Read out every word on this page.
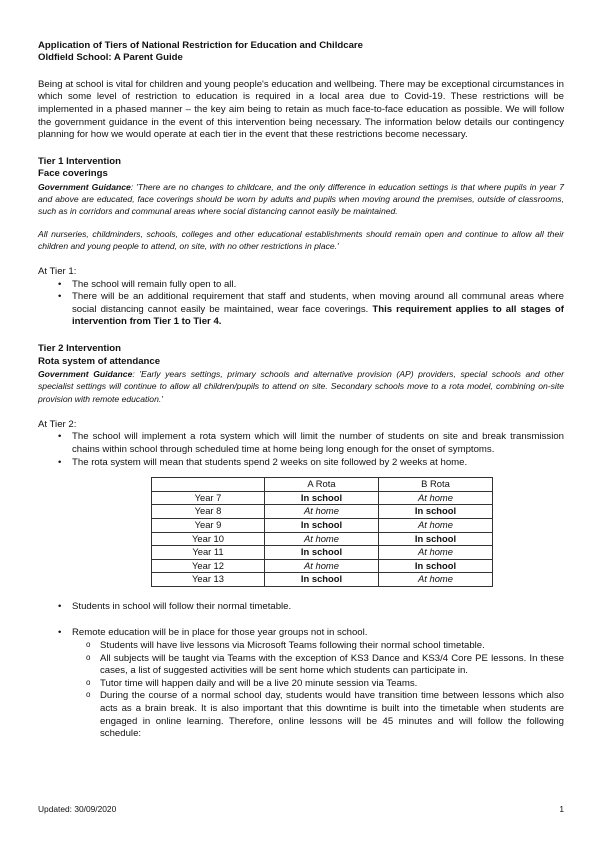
Application of Tiers of National Restriction for Education and Childcare
Oldfield School: A Parent Guide

Being at school is vital for children and young people's education and wellbeing. There may be exceptional circumstances in which some level of restriction to education is required in a local area due to Covid-19. These restrictions will be implemented in a phased manner – the key aim being to retain as much face-to-face education as possible. We will follow the government guidance in the event of this intervention being necessary. The information below details our contingency planning for how we would operate at each tier in the event that these restrictions become necessary.

Tier 1 Intervention
Face coverings

Government Guidance: 'There are no changes to childcare, and the only difference in education settings is that where pupils in year 7 and above are educated, face coverings should be worn by adults and pupils when moving around the premises, outside of classrooms, such as in corridors and communal areas where social distancing cannot easily be maintained.

All nurseries, childminders, schools, colleges and other educational establishments should remain open and continue to allow all their children and young people to attend, on site, with no other restrictions in place.'

At Tier 1:
• The school will remain fully open to all.
• There will be an additional requirement that staff and students, when moving around all communal areas where social distancing cannot easily be maintained, wear face coverings. This requirement applies to all stages of intervention from Tier 1 to Tier 4.
Tier 2 Intervention
Rota system of attendance

Government Guidance: 'Early years settings, primary schools and alternative provision (AP) providers, special schools and other specialist settings will continue to allow all children/pupils to attend on site. Secondary schools move to a rota model, combining on-site provision with remote education.'

At Tier 2:
• The school will implement a rota system which will limit the number of students on site and break transmission chains within school through scheduled time at home being long enough for the onset of symptoms.
• The rota system will mean that students spend 2 weeks on site followed by 2 weeks at home.
	A Rota	B Rota
Year 7	In school	At home
Year 8	At home	In school
Year 9	In school	At home
Year 10	At home	In school
Year 11	In school	At home
Year 12	At home	In school
Year 13	In school	At home
• Students in school will follow their normal timetable.
• Remote education will be in place for those year groups not in school.
o Students will have live lessons via Microsoft Teams following their normal school timetable.
o All subjects will be taught via Teams with the exception of KS3 Dance and KS3/4 Core PE lessons. In these cases, a list of suggested activities will be sent home which students can participate in.
o Tutor time will happen daily and will be a live 20 minute session via Teams.
o During the course of a normal school day, students would have transition time between lessons which also acts as a brain break. It is also important that this downtime is built into the timetable when students are engaged in online learning. Therefore, online lessons will be 45 minutes and will follow the following schedule:
Updated: 30/09/2020	1
